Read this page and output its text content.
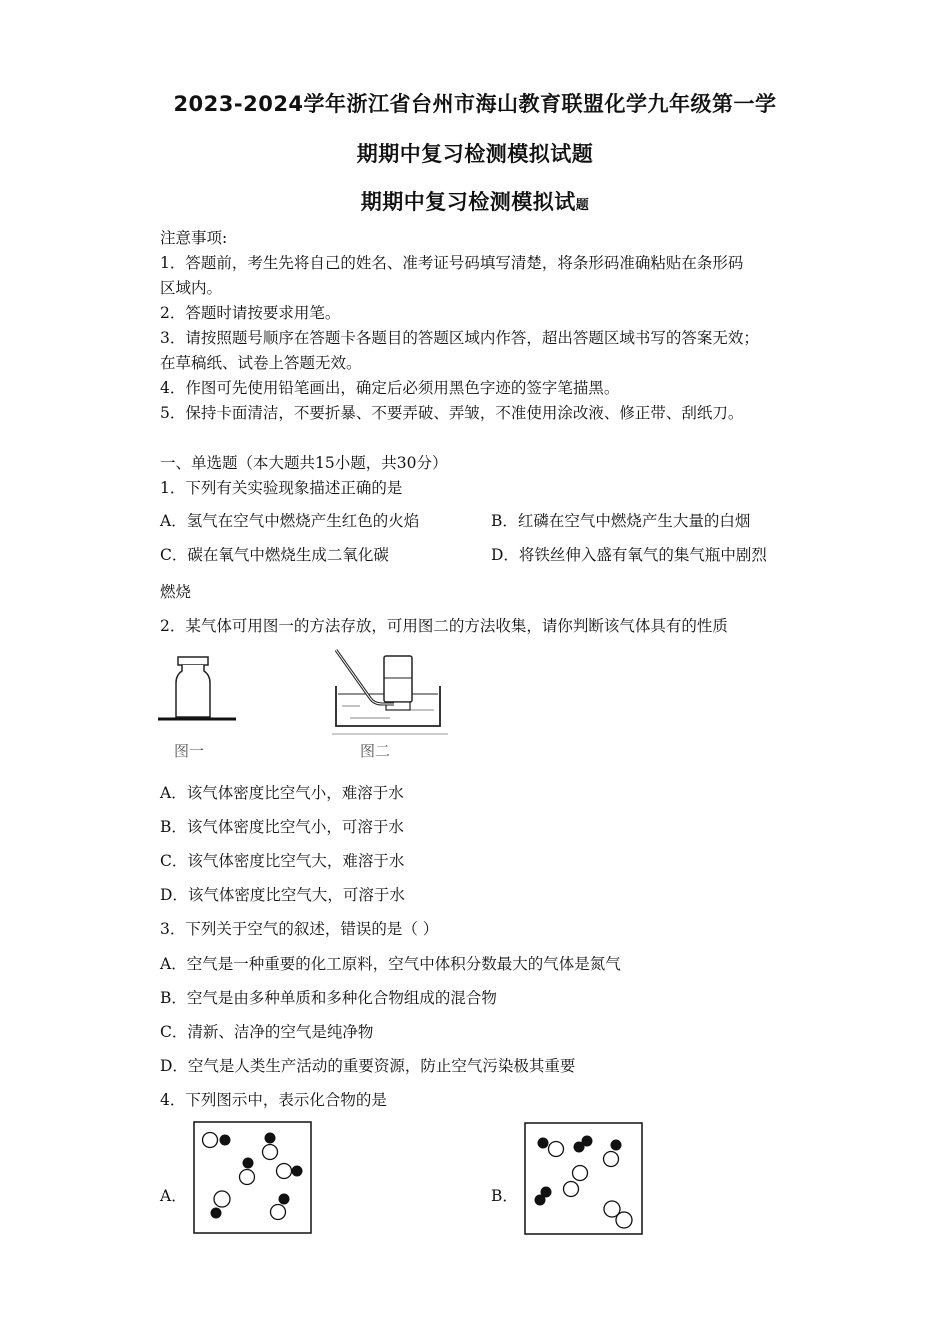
2023-2024学年浙江省台州市海山教育联盟化学九年级第一学
期期中复习检测模拟试题
期期中复习检测模拟试题
注意事项:
1．答题前，考生先将自己的姓名、准考证号码填写清楚，将条形码准确粘贴在条形码
区域内。
2．答题时请按要求用笔。
3．请按照题号顺序在答题卡各题目的答题区域内作答，超出答题区域书写的答案无效；
在草稿纸、试卷上答题无效。
4．作图可先使用铅笔画出，确定后必须用黑色字迹的签字笔描黑。
5．保持卡面清洁，不要折暴、不要弄破、弄皱，不准使用涂改液、修正带、刮纸刀。
一、单选题（本大题共15小题，共30分）
1．下列有关实验现象描述正确的是
A．氢气在空气中燃烧产生红色的火焰	B．红磷在空气中燃烧产生大量的白烟
C．碳在氧气中燃烧生成二氧化碳	D．将铁丝伸入盛有氧气的集气瓶中剧烈
燃烧
2．某气体可用图一的方法存放，可用图二的方法收集，请你判断该气体具有的性质
图一	图二
A．该气体密度比空气小，难溶于水
B．该气体密度比空气小，可溶于水
C．该气体密度比空气大，难溶于水
D．该气体密度比空气大，可溶于水
3．下列关于空气的叙述，错误的是（ ）
A．空气是一种重要的化工原料，空气中体积分数最大的气体是氮气
B．空气是由多种单质和多种化合物组成的混合物
C．清新、洁净的空气是纯净物
D．空气是人类生产活动的重要资源，防止空气污染极其重要
4．下列图示中，表示化合物的是
A．	B．
